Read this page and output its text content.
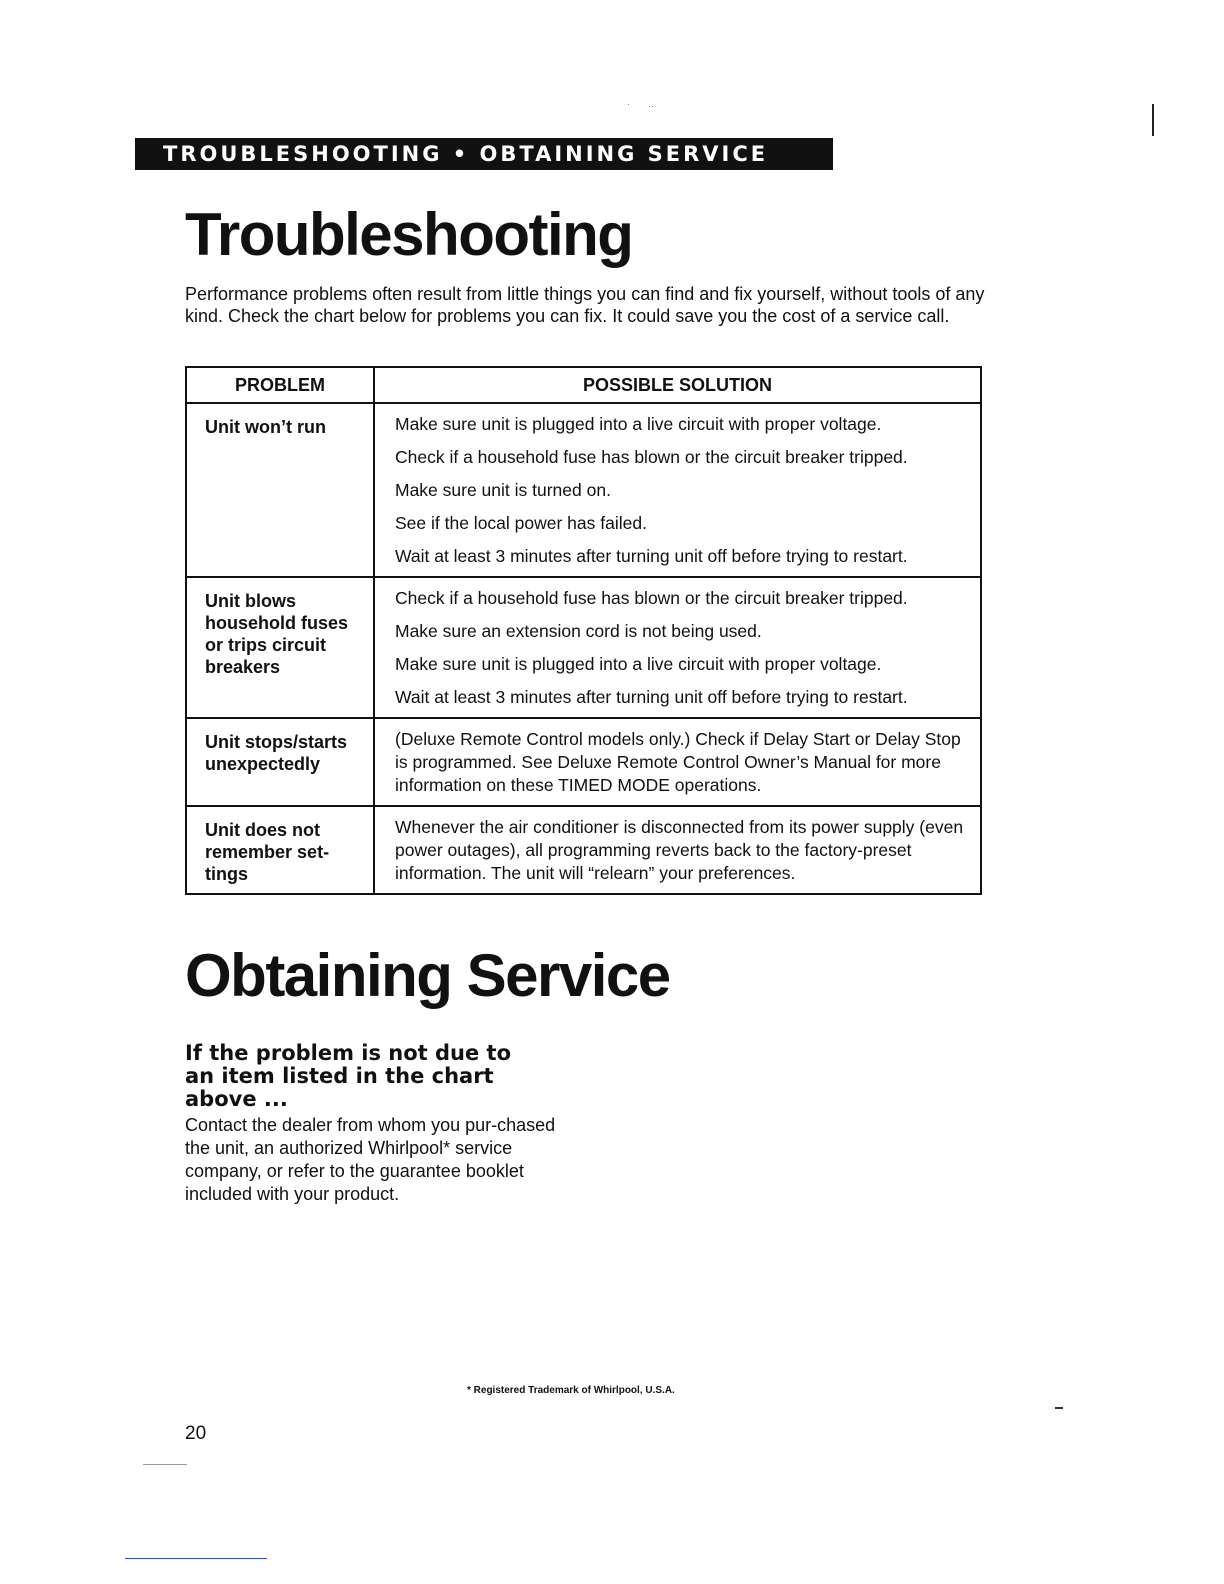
·‥
TROUBLESHOOTING • OBTAINING SERVICE
Troubleshooting

Performance problems often result from little things you can find and fix yourself, without tools of any kind. Check the chart below for problems you can fix. It could save you the cost of a service call.

PROBLEM	POSSIBLE SOLUTION
Unit won’t run	Make sure unit is plugged into a live circuit with proper voltage.
Check if a household fuse has blown or the circuit breaker tripped.
Make sure unit is turned on.
See if the local power has failed.
Wait at least 3 minutes after turning unit off before trying to restart.

Unit blows household fuses or trips circuit breakers	Check if a household fuse has blown or the circuit breaker tripped.
Make sure an extension cord is not being used.
Make sure unit is plugged into a live circuit with proper voltage.
Wait at least 3 minutes after turning unit off before trying to restart.

Unit stops/starts unexpectedly	(Deluxe Remote Control models only.) Check if Delay Start or Delay Stop is programmed. See Deluxe Remote Control Owner’s Manual for more information on these TIMED MODE operations.

Unit does not remember set-tings	Whenever the air conditioner is disconnected from its power supply (even power outages), all programming reverts back to the factory-preset information. The unit will “relearn” your preferences.
Obtaining Service

If the problem is not due to an item listed in the chart above ...

Contact the dealer from whom you pur-chased the unit, an authorized Whirlpool* service company, or refer to the guarantee booklet included with your product.

* Registered Trademark of Whirlpool, U.S.A.
20
